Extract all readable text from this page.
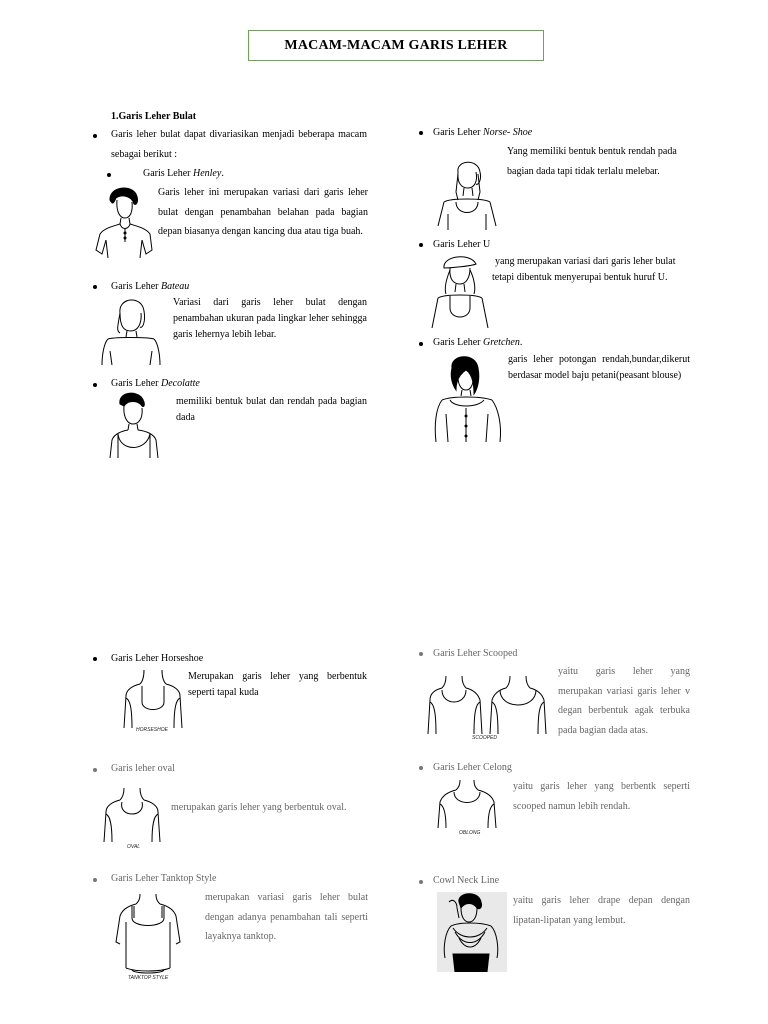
MACAM-MACAM GARIS LEHER
1.Garis Leher Bulat
Garis leher bulat dapat divariasikan menjadi beberapa macam sebagai berikut :
Garis Leher Henley.
Garis leher ini merupakan variasi dari garis leher bulat dengan penambahan belahan pada bagian depan biasanya dengan kancing dua atau tiga buah.
Garis Leher Bateau
Variasi dari garis leher bulat dengan penambahan ukuran pada lingkar leher sehingga garis lehernya lebih lebar.
Garis Leher Decolatte
memiliki bentuk bulat dan rendah pada bagian dada
Garis Leher Norse- Shoe
Yang memiliki bentuk bentuk rendah pada
bagian dada tapi tidak terlalu melebar.
Garis Leher U
yang merupakan variasi dari garis leher bulat
tetapi dibentuk menyerupai bentuk huruf U.
Garis Leher Gretchen.
garis leher potongan rendah,bundar,dikerut berdasar model baju petani(peasant blouse)
Garis Leher Horseshoe
Merupakan garis leher yang berbentuk seperti tapal kuda
HORSESHOE
Garis leher oval
merupakan garis leher yang berbentuk oval.
OVAL
Garis Leher Tanktop Style
merupakan variasi garis leher bulat dengan adanya penambahan tali seperti layaknya tanktop.
TANKTOP STYLE
Garis Leher Scooped
yaitu garis leher yang merupakan variasi garis leher v degan berbentuk agak terbuka pada bagian dada atas.
SCOOPED
Garis Leher Celong
yaitu garis leher yang berbentk seperti scooped namun lebih rendah.
OBLONG
Cowl Neck Line
yaitu garis leher drape depan dengan lipatan-lipatan yang lembut.
